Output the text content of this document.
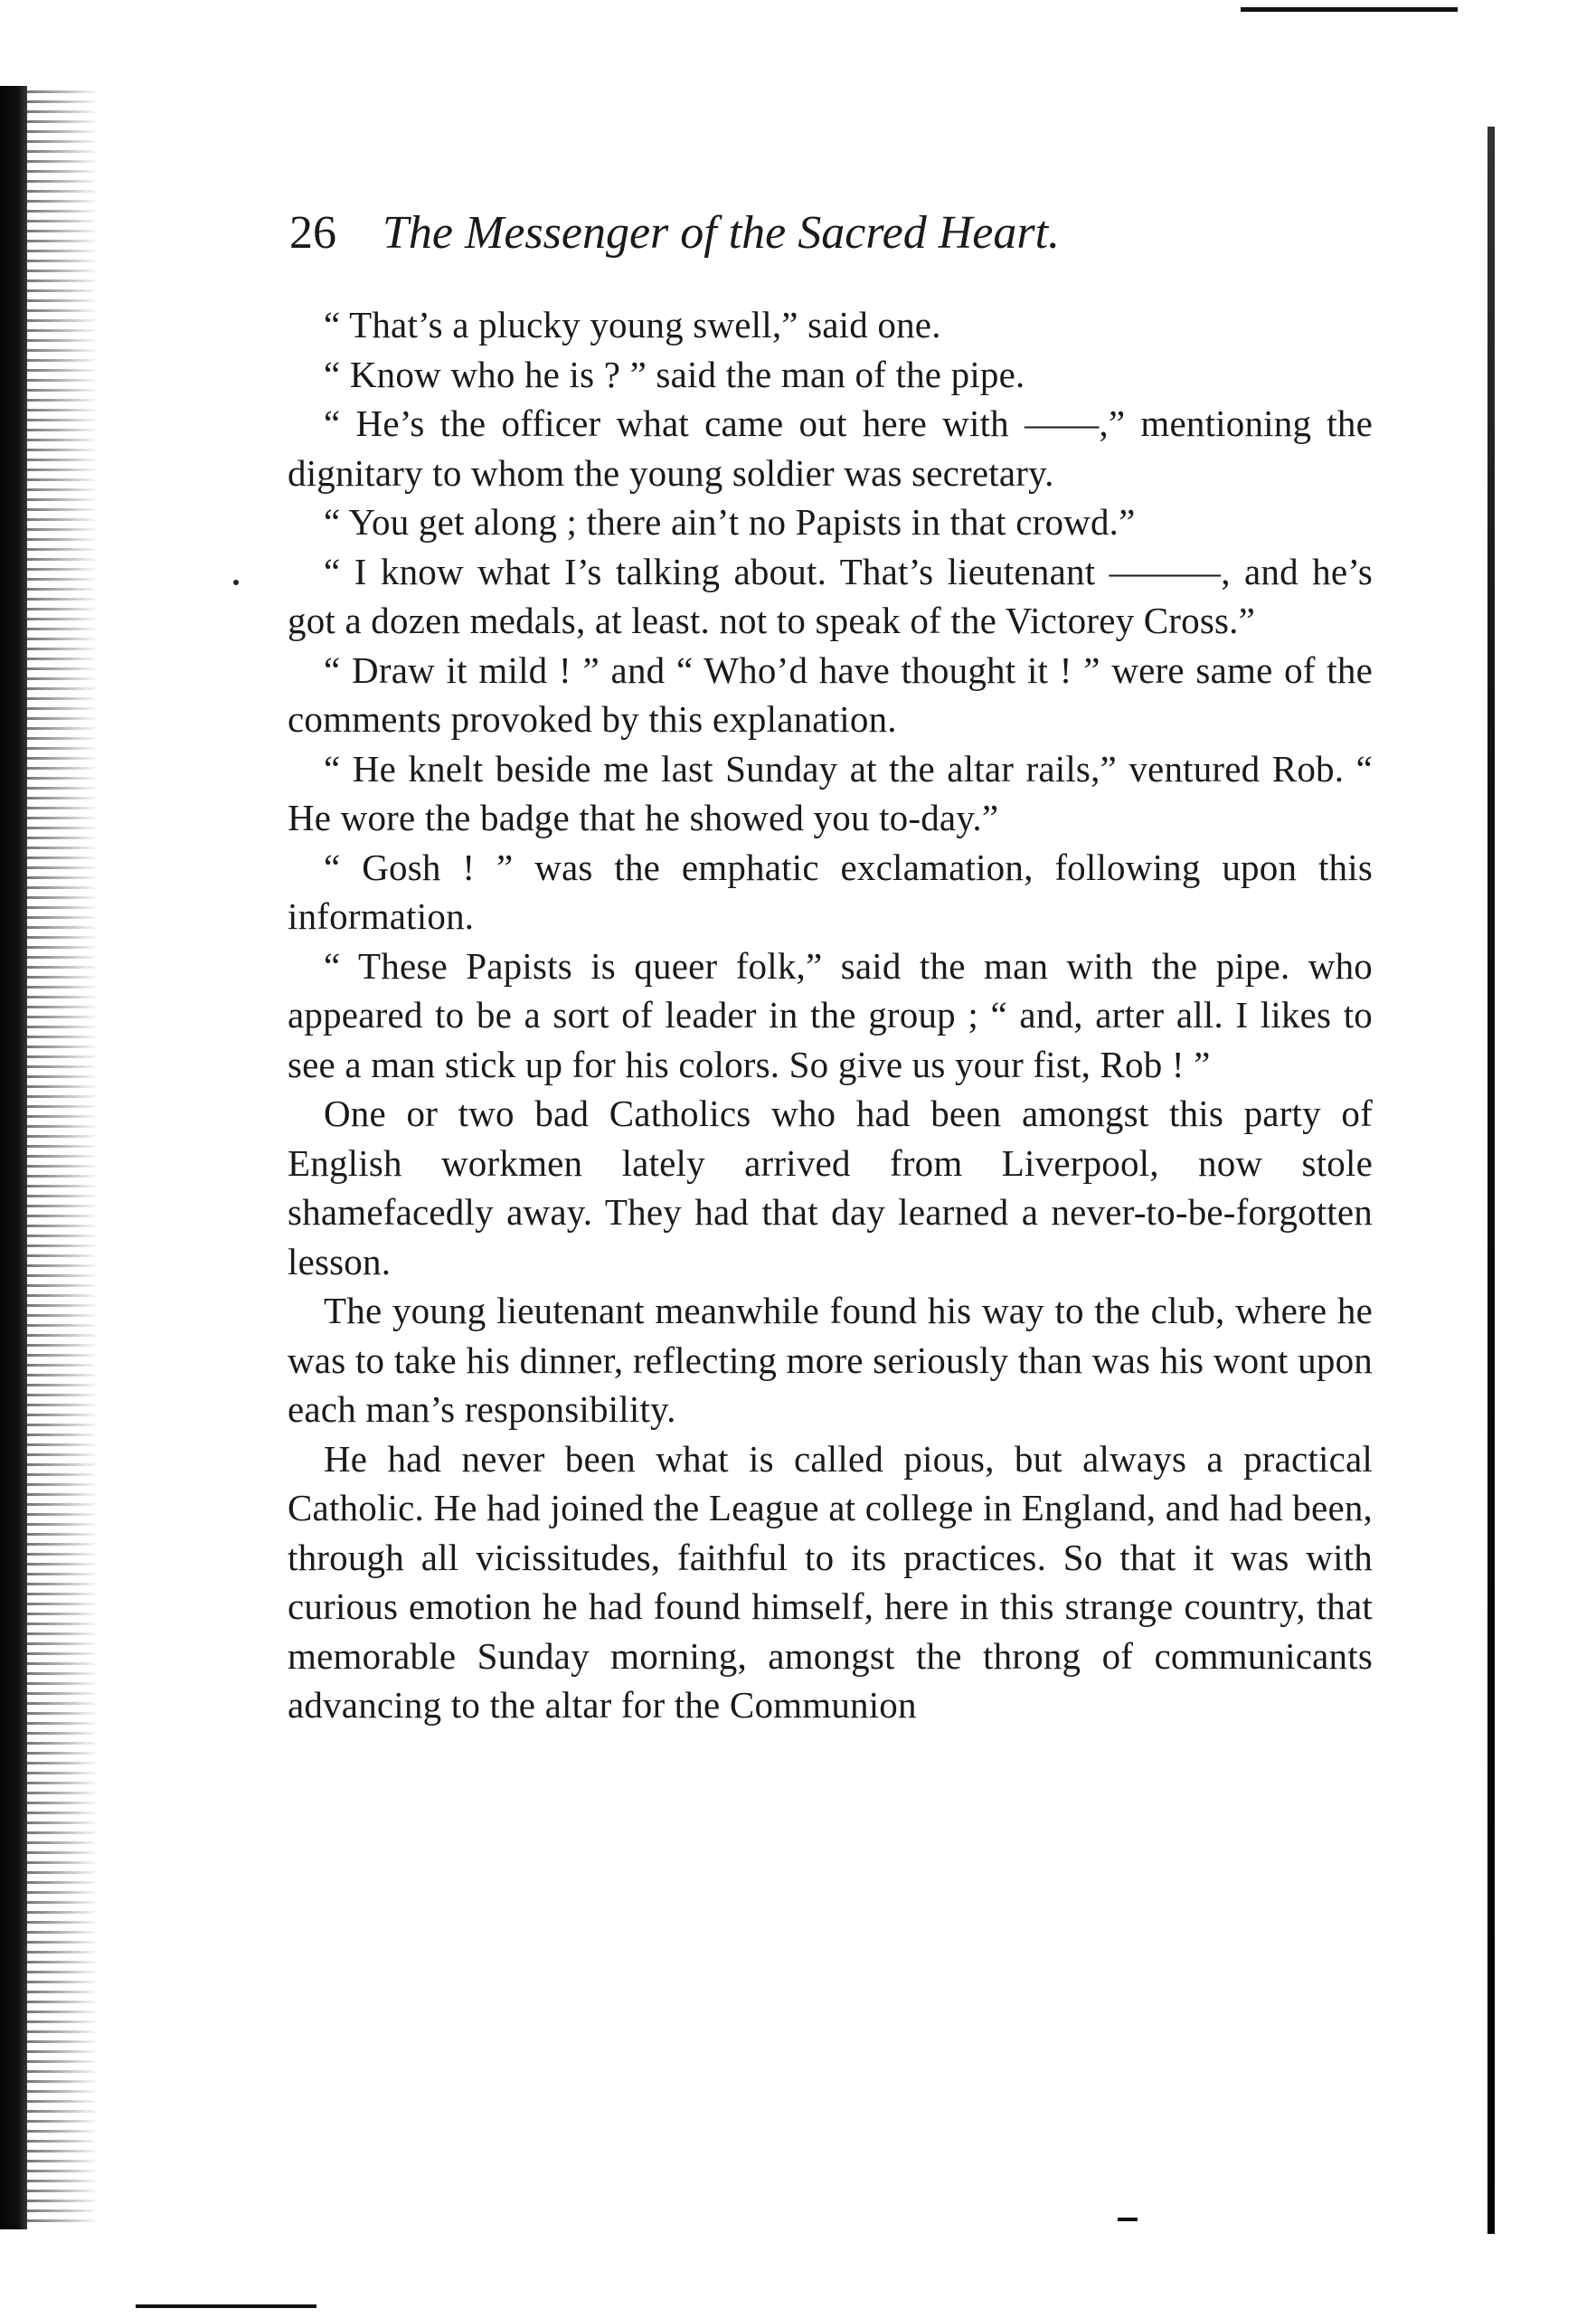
26 The Messenger of the Sacred Heart.

“ That’s a plucky young swell,” said one.

“ Know who he is ? ” said the man of the pipe.

“ He’s the officer what came out here with ——,” mentioning the dignitary to whom the young soldier was secretary.

“ You get along ; there ain’t no Papists in that crowd.”

“ I know what I’s talking about. That’s lieutenant ———, and he’s got a dozen medals, at least. not to speak of the Victorey Cross.”

“ Draw it mild ! ” and “ Who’d have thought it ! ” were same of the comments provoked by this explanation.

“ He knelt beside me last Sunday at the altar rails,” ventured Rob. “ He wore the badge that he showed you to-day.”

“ Gosh ! ” was the emphatic exclamation, following upon this information.

“ These Papists is queer folk,” said the man with the pipe. who appeared to be a sort of leader in the group ; “ and, arter all. I likes to see a man stick up for his colors. So give us your fist, Rob ! ”

One or two bad Catholics who had been amongst this party of English workmen lately arrived from Liverpool, now stole shamefacedly away. They had that day learned a never-to-be-forgotten lesson.

The young lieutenant meanwhile found his way to the club, where he was to take his dinner, reflecting more seriously than was his wont upon each man’s responsibility.

He had never been what is called pious, but always a practical Catholic. He had joined the League at college in England, and had been, through all vicissitudes, faithful to its practices. So that it was with curious emotion he had found himself, here in this strange country, that memorable Sunday morning, amongst the throng of communicants advancing to the altar for the Communion
